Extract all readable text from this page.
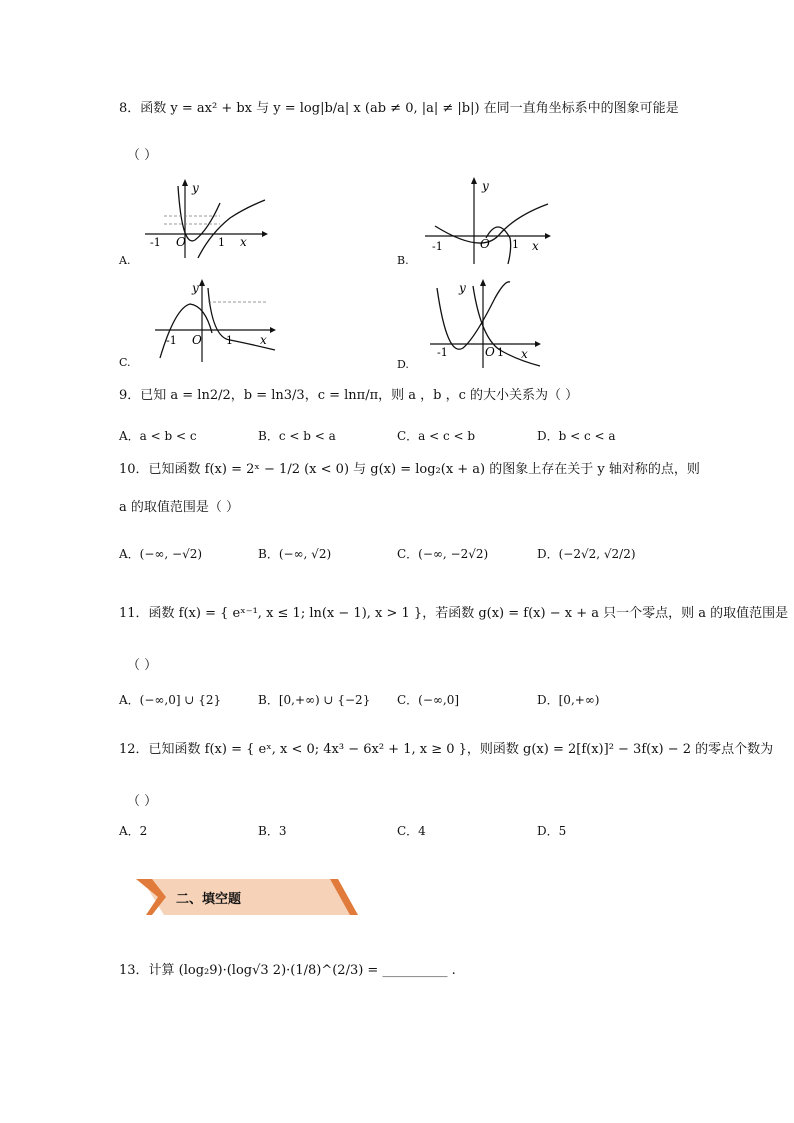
8．函数 y = ax² + bx 与 y = log|b/a| x (ab ≠ 0, |a| ≠ |b|) 在同一直角坐标系中的图象可能是
（ ）
y
x
O
-1	1
A.
y
x
O
-1	1
B.
y
x
O
-1	1
C.
y
x
O
-1	1
D.
9．已知 a = ln2/2，b = ln3/3，c = lnπ/π，则 a ，b ，c 的大小关系为（ ）
A．a < b < c	B．c < b < a	C．a < c < b	D．b < c < a
10．已知函数 f(x) = 2ˣ − 1/2 (x < 0) 与 g(x) = log₂(x + a) 的图象上存在关于 y 轴对称的点，则
a 的取值范围是（ ）
A．(−∞, −√2)	B．(−∞, √2)	C．(−∞, −2√2)	D．(−2√2, √2/2)
11．函数 f(x) = { eˣ⁻¹, x ≤ 1; ln(x − 1), x > 1 }，若函数 g(x) = f(x) − x + a 只一个零点，则 a 的取值范围是
（ ）
A．(−∞,0] ∪ {2}	B．[0,+∞) ∪ {−2} C．(−∞,0]	D．[0,+∞)
12．已知函数 f(x) = { eˣ, x < 0; 4x³ − 6x² + 1, x ≥ 0 }，则函数 g(x) = 2[f(x)]² − 3f(x) − 2 的零点个数为
（ ）
A．2	B．3	C．4	D．5
二、填空题
13．计算 (log₂9)·(log√3 2)·(1/8)^(2/3) = __________ .
